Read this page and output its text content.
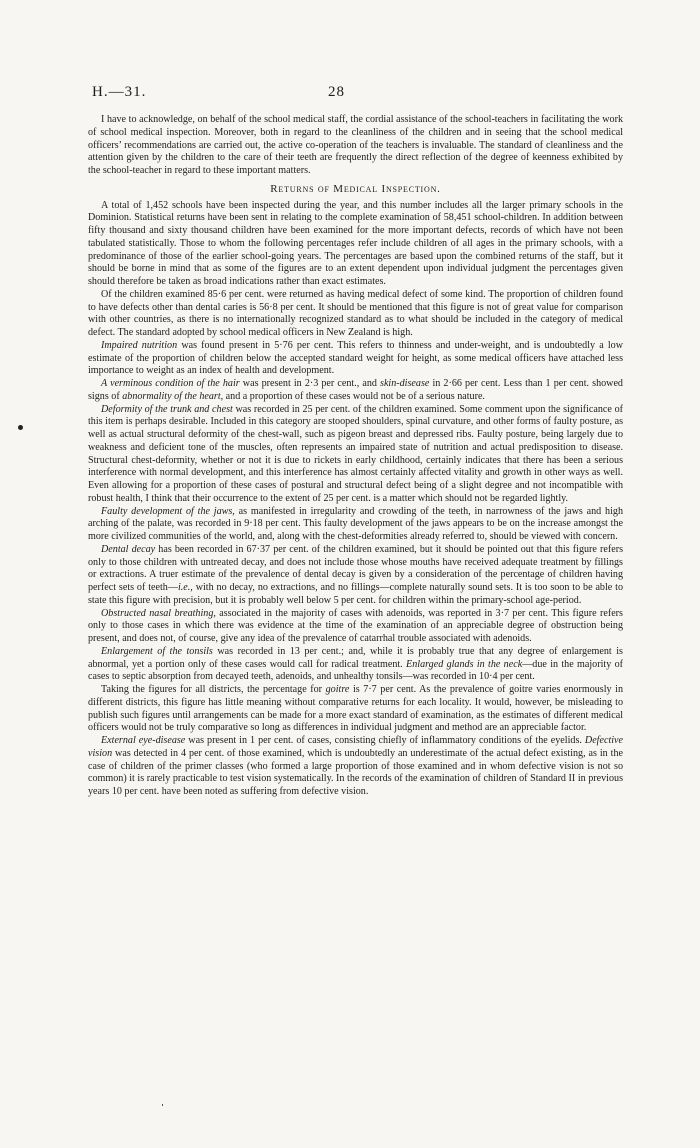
H.—31.	28

I have to acknowledge, on behalf of the school medical staff, the cordial assistance of the school-teachers in facilitating the work of school medical inspection. Moreover, both in regard to the cleanliness of the children and in seeing that the school medical officers’ recommendations are carried out, the active co-operation of the teachers is invaluable. The standard of cleanliness and the attention given by the children to the care of their teeth are frequently the direct reflection of the degree of keenness exhibited by the school-teacher in regard to these important matters.

Returns of Medical Inspection.

A total of 1,452 schools have been inspected during the year, and this number includes all the larger primary schools in the Dominion. Statistical returns have been sent in relating to the complete examination of 58,451 school-children. In addition between fifty thousand and sixty thousand children have been examined for the more important defects, records of which have not been tabulated statistically. Those to whom the following percentages refer include children of all ages in the primary schools, with a predominance of those of the earlier school-going years. The percentages are based upon the combined returns of the staff, but it should be borne in mind that as some of the figures are to an extent dependent upon individual judgment the percentages given should therefore be taken as broad indications rather than exact estimates.

Of the children examined 85·6 per cent. were returned as having medical defect of some kind. The proportion of children found to have defects other than dental caries is 56·8 per cent. It should be mentioned that this figure is not of great value for comparison with other countries, as there is no internationally recognized standard as to what should be included in the category of medical defect. The standard adopted by school medical officers in New Zealand is high.

Impaired nutrition was found present in 5·76 per cent. This refers to thinness and under-weight, and is undoubtedly a low estimate of the proportion of children below the accepted standard weight for height, as some medical officers have attached less importance to weight as an index of health and development.

A verminous condition of the hair was present in 2·3 per cent., and skin-disease in 2·66 per cent. Less than 1 per cent. showed signs of abnormality of the heart, and a proportion of these cases would not be of a serious nature.

Deformity of the trunk and chest was recorded in 25 per cent. of the children examined. Some comment upon the significance of this item is perhaps desirable. Included in this category are stooped shoulders, spinal curvature, and other forms of faulty posture, as well as actual structural deformity of the chest-wall, such as pigeon breast and depressed ribs. Faulty posture, being largely due to weakness and deficient tone of the muscles, often represents an impaired state of nutrition and actual predisposition to disease. Structural chest-deformity, whether or not it is due to rickets in early childhood, certainly indicates that there has been a serious interference with normal development, and this interference has almost certainly affected vitality and growth in other ways as well. Even allowing for a proportion of these cases of postural and structural defect being of a slight degree and not incompatible with robust health, I think that their occurrence to the extent of 25 per cent. is a matter which should not be regarded lightly.

Faulty development of the jaws, as manifested in irregularity and crowding of the teeth, in narrowness of the jaws and high arching of the palate, was recorded in 9·18 per cent. This faulty development of the jaws appears to be on the increase amongst the more civilized communities of the world, and, along with the chest-deformities already referred to, should be viewed with concern.

Dental decay has been recorded in 67·37 per cent. of the children examined, but it should be pointed out that this figure refers only to those children with untreated decay, and does not include those whose mouths have received adequate treatment by fillings or extractions. A truer estimate of the prevalence of dental decay is given by a consideration of the percentage of children having perfect sets of teeth—i.e., with no decay, no extractions, and no fillings—complete naturally sound sets. It is too soon to be able to state this figure with precision, but it is probably well below 5 per cent. for children within the primary-school age-period.

Obstructed nasal breathing, associated in the majority of cases with adenoids, was reported in 3·7 per cent. This figure refers only to those cases in which there was evidence at the time of the examination of an appreciable degree of obstruction being present, and does not, of course, give any idea of the prevalence of catarrhal trouble associated with adenoids.

Enlargement of the tonsils was recorded in 13 per cent.; and, while it is probably true that any degree of enlargement is abnormal, yet a portion only of these cases would call for radical treatment. Enlarged glands in the neck—due in the majority of cases to septic absorption from decayed teeth, adenoids, and unhealthy tonsils—was recorded in 10·4 per cent.

Taking the figures for all districts, the percentage for goitre is 7·7 per cent. As the prevalence of goitre varies enormously in different districts, this figure has little meaning without comparative returns for each locality. It would, however, be misleading to publish such figures until arrangements can be made for a more exact standard of examination, as the estimates of different medical officers would not be truly comparative so long as differences in individual judgment and method are an appreciable factor.

External eye-disease was present in 1 per cent. of cases, consisting chiefly of inflammatory conditions of the eyelids. Defective vision was detected in 4 per cent. of those examined, which is undoubtedly an underestimate of the actual defect existing, as in the case of children of the primer classes (who formed a large proportion of those examined and in whom defective vision is not so common) it is rarely practicable to test vision systematically. In the records of the examination of children of Standard II in previous years 10 per cent. have been noted as suffering from defective vision.
